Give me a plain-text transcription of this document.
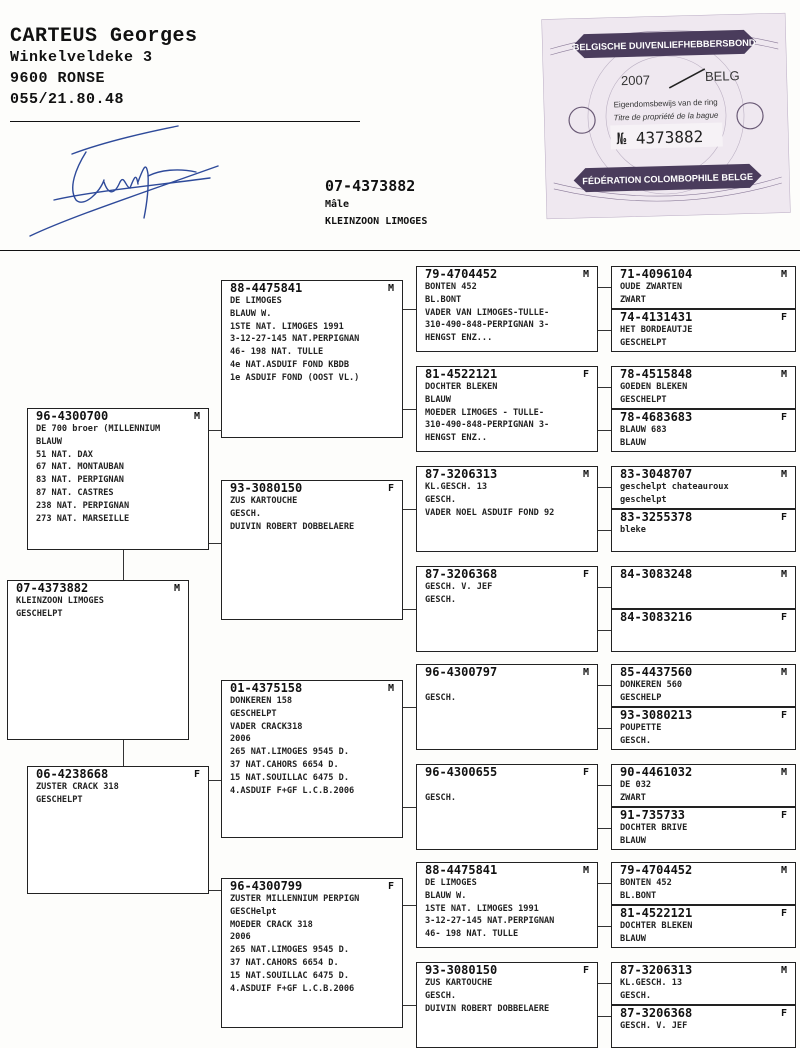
CARTEUS Georges
Winkelveldeke 3
9600 RONSE
055/21.80.48
07-4373882
Mâle
KLEINZOON LIMOGES
BELGISCHE DUIVENLIEFHEBBERSBOND
2007	BELG
Eigendomsbewijs van de ring
Titre de propriété de la bague
№ 4373882
FÉDÉRATION COLOMBOPHILE BELGE
07-4373882	M
KLEINZOON LIMOGES
GESCHELPT
96-4300700	M
DE 700 broer (MILLENNIUM
BLAUW
51 NAT. DAX
67 NAT. MONTAUBAN
83 NAT. PERPIGNAN
87 NAT. CASTRES
238 NAT. PERPIGNAN
273 NAT. MARSEILLE
06-4238668	F
ZUSTER CRACK 318
GESCHELPT
88-4475841	M
DE LIMOGES
BLAUW W.
1STE NAT. LIMOGES 1991
3-12-27-145 NAT.PERPIGNAN
46- 198 NAT. TULLE
4e NAT.ASDUIF FOND KBDB
1e ASDUIF FOND (OOST VL.)
93-3080150	F
ZUS KARTOUCHE
GESCH.
DUIVIN ROBERT DOBBELAERE
01-4375158	M
DONKEREN 158
GESCHELPT
VADER CRACK318
2006
265 NAT.LIMOGES 9545 D.
37 NAT.CAHORS 6654 D.
15 NAT.SOUILLAC 6475 D.
4.ASDUIF F+GF L.C.B.2006
96-4300799	F
ZUSTER MILLENNIUM PERPIGN
GESCHelpt
MOEDER CRACK 318
2006
265 NAT.LIMOGES 9545 D.
37 NAT.CAHORS 6654 D.
15 NAT.SOUILLAC 6475 D.
4.ASDUIF F+GF L.C.B.2006
79-4704452	M
BONTEN 452
BL.BONT
VADER VAN LIMOGES-TULLE-
310-490-848-PERPIGNAN 3-
HENGST ENZ...
81-4522121	F
DOCHTER BLEKEN
BLAUW
MOEDER LIMOGES - TULLE-
310-490-848-PERPIGNAN 3-
HENGST ENZ..
87-3206313	M
KL.GESCH. 13
GESCH.
VADER NOEL ASDUIF FOND 92
87-3206368	F
GESCH. V. JEF
GESCH.
96-4300797	M

GESCH.
96-4300655	F

GESCH.
88-4475841	M
DE LIMOGES
BLAUW W.
1STE NAT. LIMOGES 1991
3-12-27-145 NAT.PERPIGNAN
46- 198 NAT. TULLE
93-3080150	F
ZUS KARTOUCHE
GESCH.
DUIVIN ROBERT DOBBELAERE
71-4096104	M
OUDE ZWARTEN
ZWART
74-4131431	F
HET BORDEAUTJE
GESCHELPT
78-4515848	M
GOEDEN BLEKEN
GESCHELPT
78-4683683	F
BLAUW 683
BLAUW
83-3048707	M
geschelpt chateauroux
geschelpt
83-3255378	F
bleke
84-3083248	M
84-3083216	F
85-4437560	M
DONKEREN 560
GESCHELP
93-3080213	F
POUPETTE
GESCH.
90-4461032	M
DE 032
ZWART
91-735733	F
DOCHTER BRIVE
BLAUW
79-4704452	M
BONTEN 452
BL.BONT
81-4522121	F
DOCHTER BLEKEN
BLAUW
87-3206313	M
KL.GESCH. 13
GESCH.
87-3206368	F
GESCH. V. JEF
